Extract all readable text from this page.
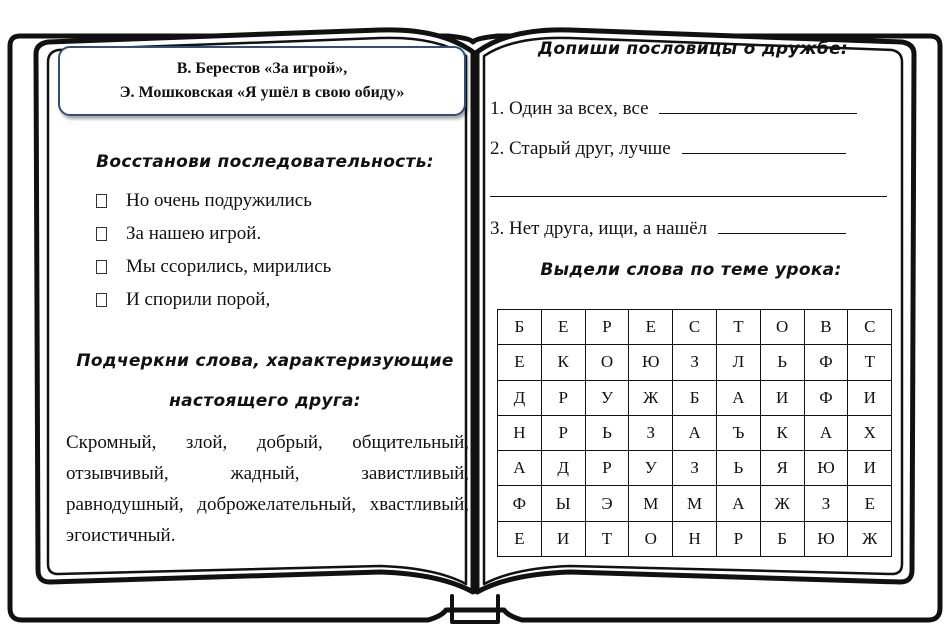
В. Берестов «За игрой»,
Э. Мошковская «Я ушёл в свою обиду»
Восстанови последовательность:
Но очень подружились
За нашею игрой.
Мы ссорились, мирились
И спорили порой,
Подчеркни слова, характеризующие
настоящего друга:
Скромный, злой, добрый, общительный, отзывчивый, жадный, завистливый, равнодушный, доброжелательный, хвастливый, эгоистичный.
Допиши пословицы о дружбе:
1. Один за всех, все
2. Старый друг, лучше
3. Нет друга, ищи, а нашёл
Выдели слова по теме урока:
Б	Е	Р	Е	С	Т	О	В	С
Е	К	О	Ю	З	Л	Ь	Ф	Т
Д	Р	У	Ж	Б	А	И	Ф	И
Н	Р	Ь	З	А	Ъ	К	А	Х
А	Д	Р	У	З	Ь	Я	Ю	И
Ф	Ы	Э	М	М	А	Ж	З	Е
Е	И	Т	О	Н	Р	Б	Ю	Ж
